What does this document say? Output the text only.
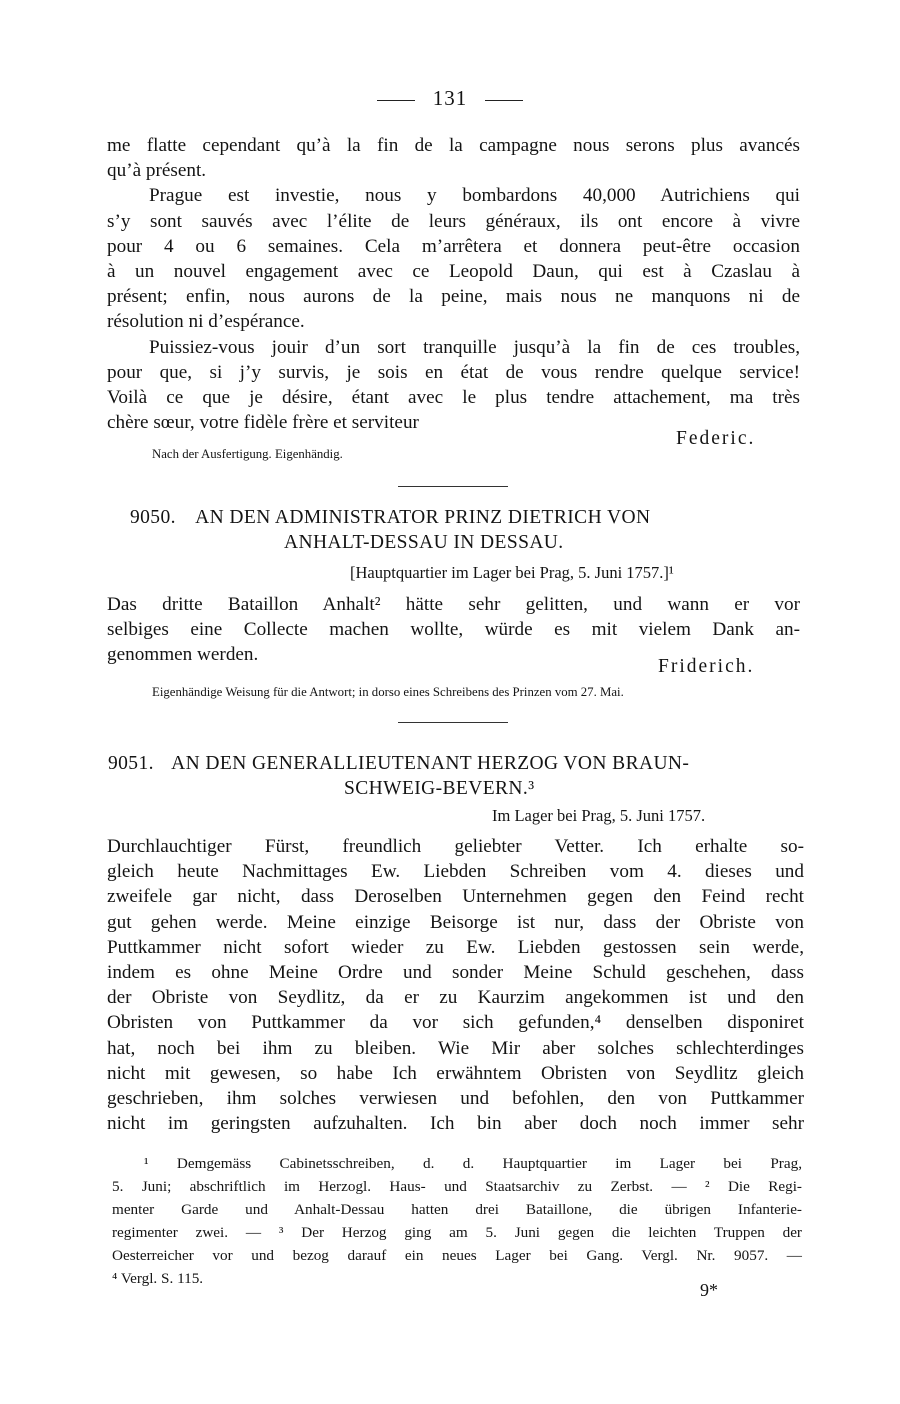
131
me flatte cependant qu’à la fin de la campagne nous serons plus avancés
qu’à présent.
Prague est investie, nous y bombardons 40,000 Autrichiens qui
s’y sont sauvés avec l’élite de leurs généraux, ils ont encore à vivre
pour 4 ou 6 semaines. Cela m’arrêtera et donnera peut-être occasion
à un nouvel engagement avec ce Leopold Daun, qui est à Czaslau à
présent; enfin, nous aurons de la peine, mais nous ne manquons ni de
résolution ni d’espérance.
Puissiez-vous jouir d’un sort tranquille jusqu’à la fin de ces troubles,
pour que, si j’y survis, je sois en état de vous rendre quelque service!
Voilà ce que je désire, étant avec le plus tendre attachement, ma très
chère sœur, votre fidèle frère et serviteur
Federic.
Nach der Ausfertigung. Eigenhändig.
9050. AN DEN ADMINISTRATOR PRINZ DIETRICH VON
ANHALT-DESSAU IN DESSAU.
[Hauptquartier im Lager bei Prag, 5. Juni 1757.]¹
Das dritte Bataillon Anhalt² hätte sehr gelitten, und wann er vor
selbiges eine Collecte machen wollte, würde es mit vielem Dank an-
genommen werden.
Friderich.
Eigenhändige Weisung für die Antwort; in dorso eines Schreibens des Prinzen vom 27. Mai.
9051. AN DEN GENERALLIEUTENANT HERZOG VON BRAUN-
SCHWEIG-BEVERN.³
Im Lager bei Prag, 5. Juni 1757.
Durchlauchtiger Fürst, freundlich geliebter Vetter. Ich erhalte so-
gleich heute Nachmittages Ew. Liebden Schreiben vom 4. dieses und
zweifele gar nicht, dass Deroselben Unternehmen gegen den Feind recht
gut gehen werde. Meine einzige Beisorge ist nur, dass der Obriste von
Puttkammer nicht sofort wieder zu Ew. Liebden gestossen sein werde,
indem es ohne Meine Ordre und sonder Meine Schuld geschehen, dass
der Obriste von Seydlitz, da er zu Kaurzim angekommen ist und den
Obristen von Puttkammer da vor sich gefunden,⁴ denselben disponiret
hat, noch bei ihm zu bleiben. Wie Mir aber solches schlechterdinges
nicht mit gewesen, so habe Ich erwähntem Obristen von Seydlitz gleich
geschrieben, ihm solches verwiesen und befohlen, den von Puttkammer
nicht im geringsten aufzuhalten. Ich bin aber doch noch immer sehr
¹ Demgemäss Cabinetsschreiben, d. d. Hauptquartier im Lager bei Prag,
5. Juni; abschriftlich im Herzogl. Haus- und Staatsarchiv zu Zerbst. — ² Die Regi-
menter Garde und Anhalt-Dessau hatten drei Bataillone, die übrigen Infanterie-
regimenter zwei. — ³ Der Herzog ging am 5. Juni gegen die leichten Truppen der
Oesterreicher vor und bezog darauf ein neues Lager bei Gang. Vergl. Nr. 9057. —
⁴ Vergl. S. 115.
9*
